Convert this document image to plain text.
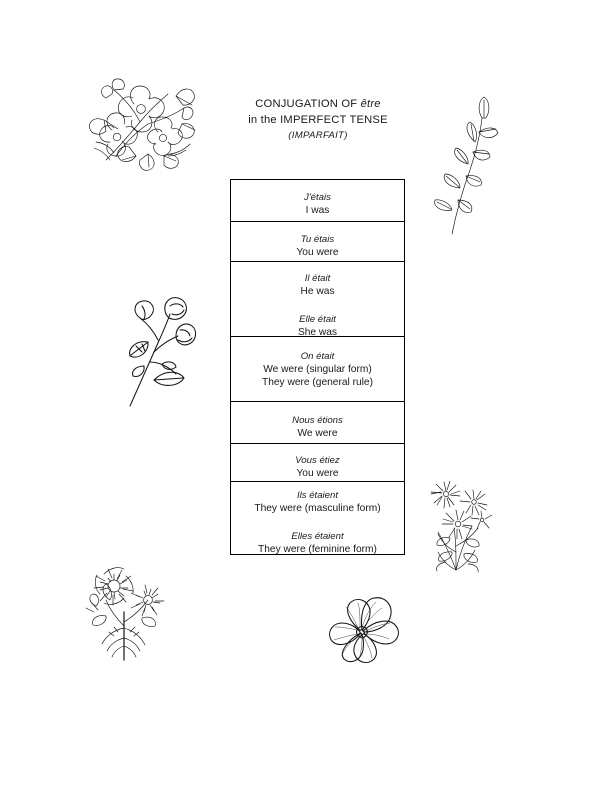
CONJUGATION OF être
in the IMPERFECT TENSE
(IMPARFAIT)
J'étais
I was
Tu étais
You were
Il était
He was
Elle était
She was
On était
We were (singular form)
They were (general rule)
Nous étions
We were
Vous étiez
You were
Ils étaient
They were (masculine form)
Elles étaient
They were (feminine form)
